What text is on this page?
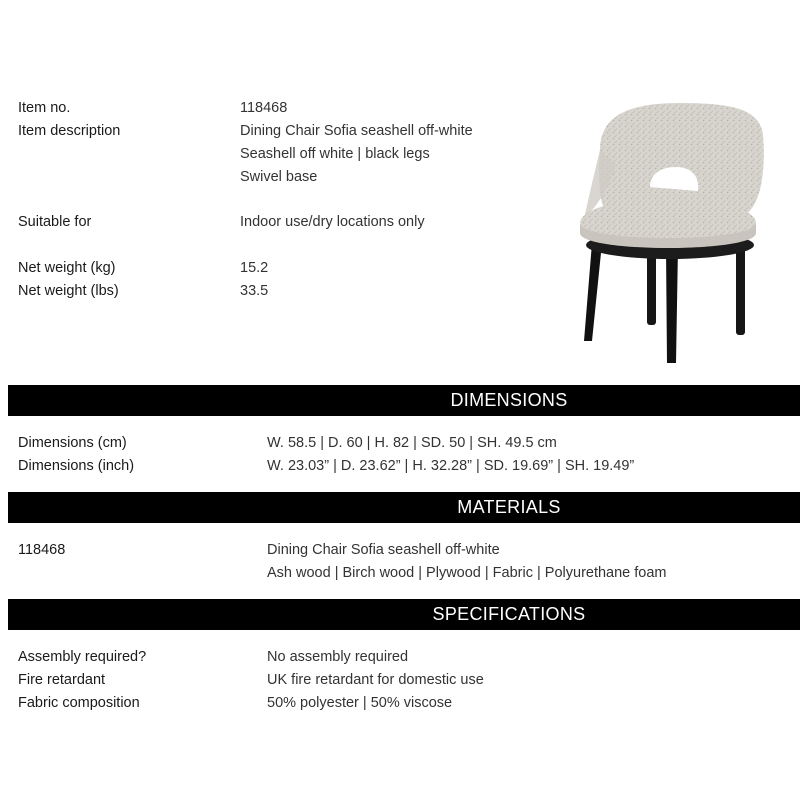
Item no.	118468
Item description	Dining Chair Sofia seashell off-white
Seashell off white | black legs
Swivel base
Suitable for	Indoor use/dry locations only
Net weight (kg)	15.2
Net weight (lbs)	33.5
DIMENSIONS
Dimensions (cm)	W. 58.5 | D. 60 | H. 82 | SD. 50 | SH. 49.5 cm
Dimensions (inch)	W. 23.03” | D. 23.62” | H. 32.28” | SD. 19.69” | SH. 19.49”
MATERIALS
118468	Dining Chair Sofia seashell off-white
Ash wood | Birch wood | Plywood | Fabric | Polyurethane foam
SPECIFICATIONS
Assembly required?	No assembly required
Fire retardant	UK fire retardant for domestic use
Fabric composition	50% polyester | 50% viscose
